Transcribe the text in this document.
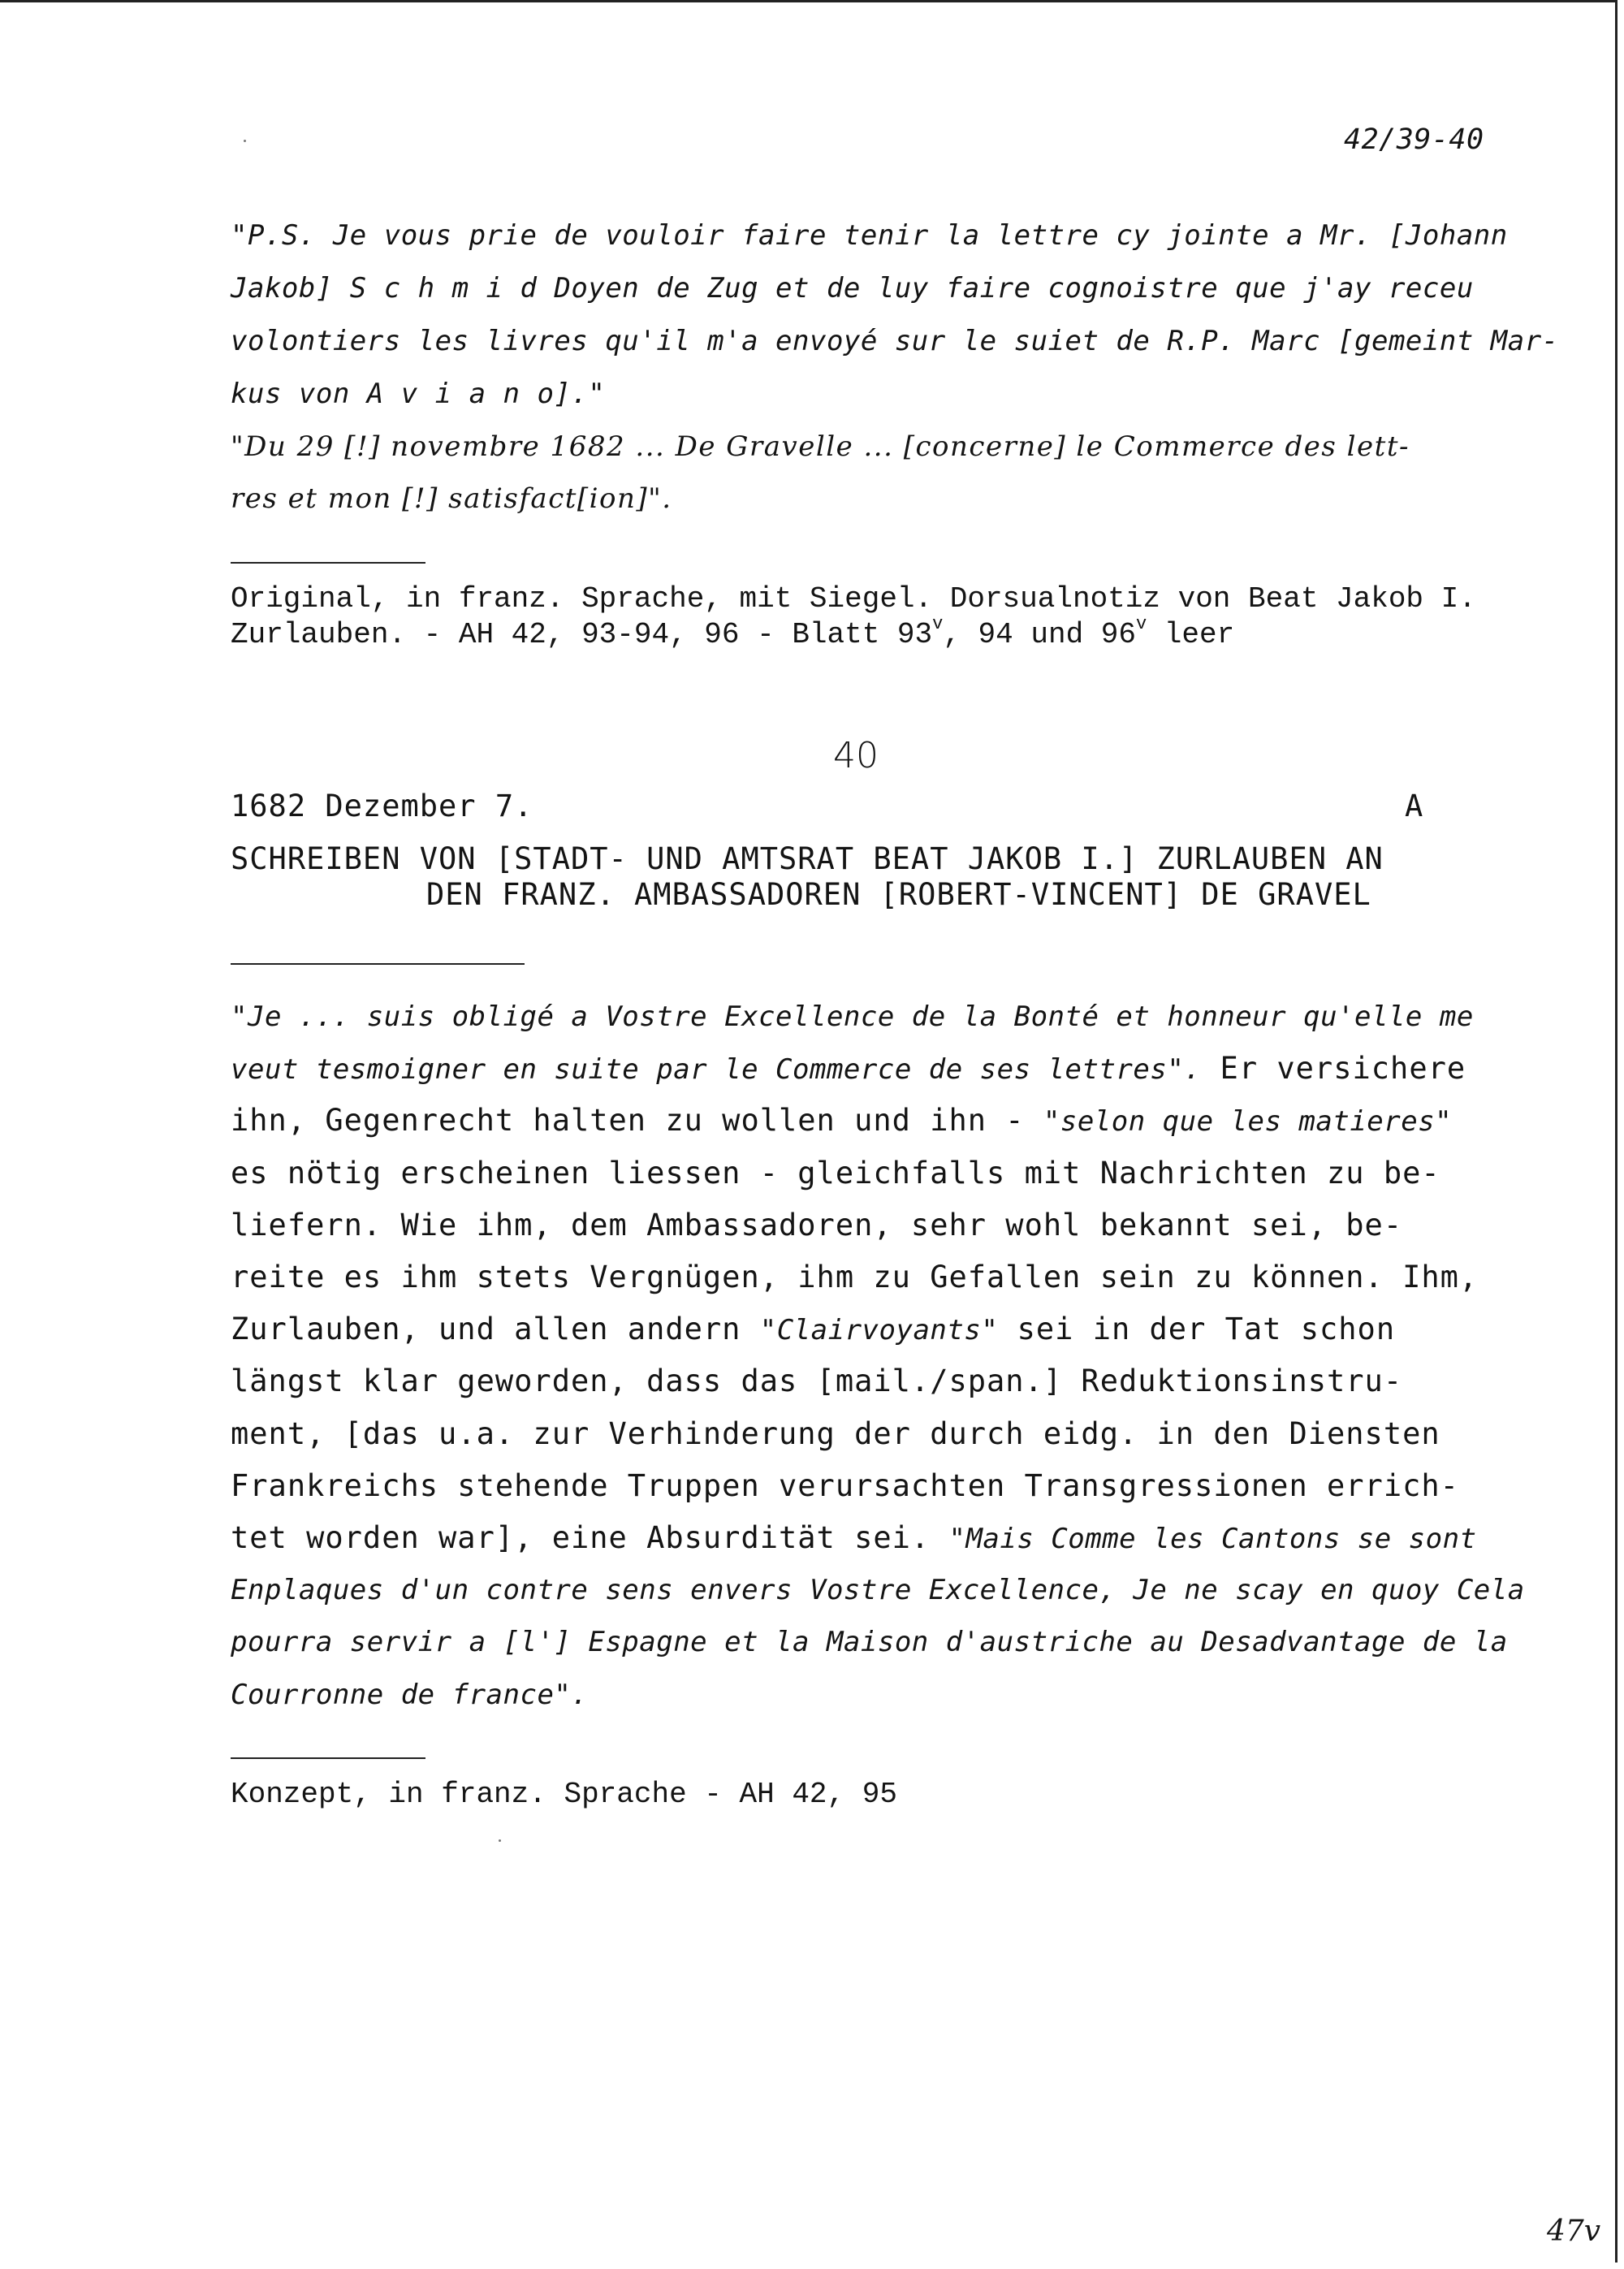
42/39-40
"P.S. Je vous prie de vouloir faire tenir la lettre cy jointe a Mr. [Johann
Jakob] S c h m i d Doyen de Zug et de luy faire cognoistre que j'ay receu
volontiers les livres qu'il m'a envoyé sur le suiet de R.P. Marc [gemeint Mar-
kus von A v i a n o]."
"Du 29 [!] novembre 1682 ... De Gravelle ... [concerne] le Commerce des lett-
res et mon [!] satisfact[ion]".
Original, in franz. Sprache, mit Siegel. Dorsualnotiz von Beat Jakob I.
Zurlauben. - AH 42, 93-94, 96 - Blatt 93$^v$, 94 und 96$^v$ leer
40
1682 Dezember 7.	A
SCHREIBEN VON [STADT- UND AMTSRAT BEAT JAKOB I.] ZURLAUBEN AN
DEN FRANZ. AMBASSADOREN [ROBERT-VINCENT] DE GRAVEL
"Je ... suis obligé a Vostre Excellence de la Bonté et honneur qu'elle me
veut tesmoigner en suite par le Commerce de ses lettres". Er versichere
ihn, Gegenrecht halten zu wollen und ihn - "selon que les matieres"
es nötig erscheinen liessen - gleichfalls mit Nachrichten zu be-
liefern. Wie ihm, dem Ambassadoren, sehr wohl bekannt sei, be-
reite es ihm stets Vergnügen, ihm zu Gefallen sein zu können. Ihm,
Zurlauben, und allen andern "Clairvoyants" sei in der Tat schon
längst klar geworden, dass das [mail./span.] Reduktionsinstru-
ment, [das u.a. zur Verhinderung der durch eidg. in den Diensten
Frankreichs stehende Truppen verursachten Transgressionen errich-
tet worden war], eine Absurdität sei. "Mais Comme les Cantons se sont
Enplaques d'un contre sens envers Vostre Excellence, Je ne scay en quoy Cela
pourra servir a [l'] Espagne et la Maison d'austriche au Desadvantage de la
Courronne de france".
Konzept, in franz. Sprache - AH 42, 95
47v
